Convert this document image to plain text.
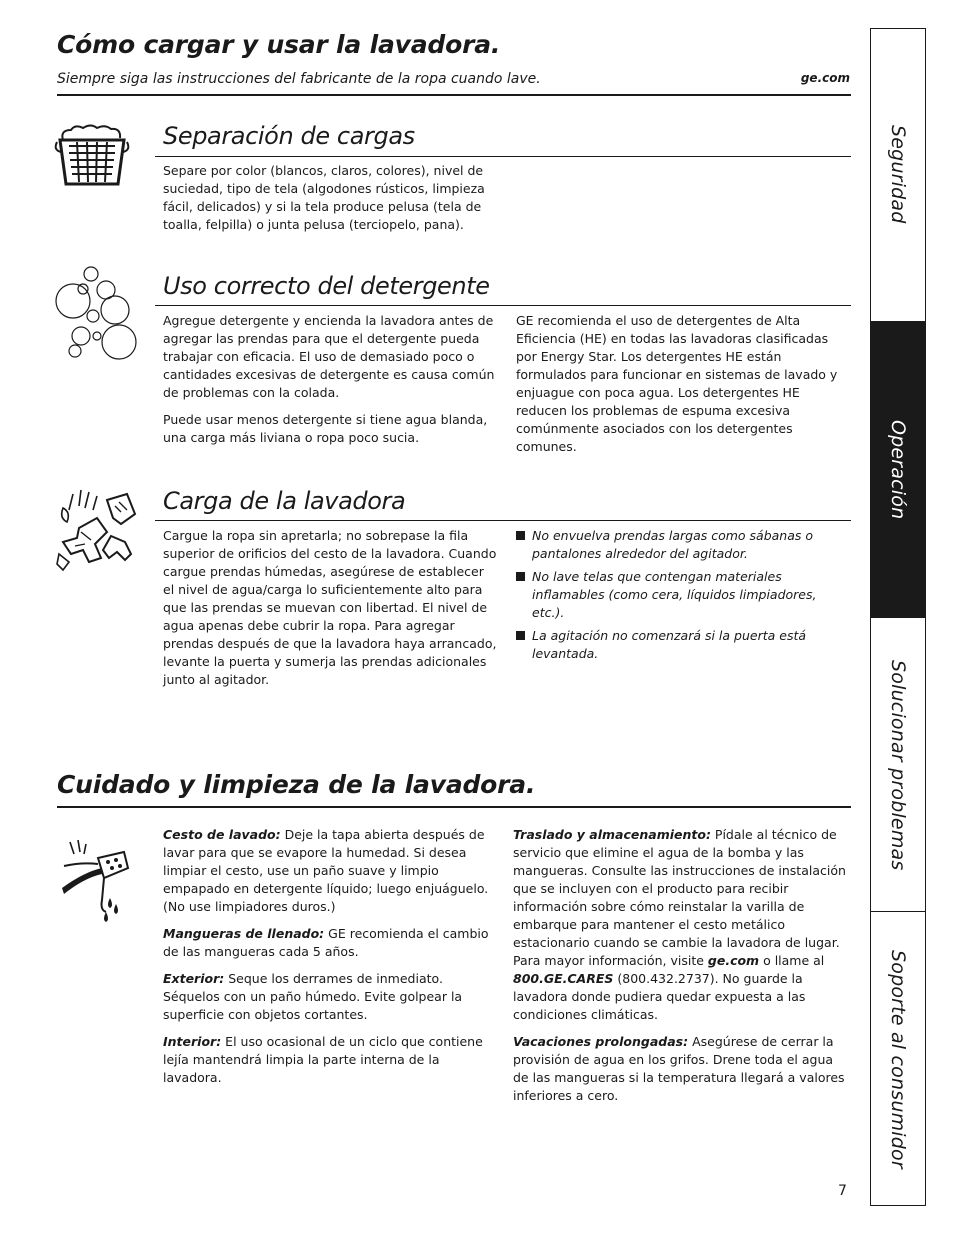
Cómo cargar y usar la lavadora.
Siempre siga las instrucciones del fabricante de la ropa cuando lave.	ge.com
Separación de cargas
Separe por color (blancos, claros, colores), nivel de suciedad, tipo de tela (algodones rústicos, limpieza fácil, delicados) y si la tela produce pelusa (tela de toalla, felpilla) o junta pelusa (terciopelo, pana).
Uso correcto del detergente

Agregue detergente y encienda la lavadora antes de agregar las prendas para que el detergente pueda trabajar con eficacia. El uso de demasiado poco o cantidades excesivas de detergente es causa común de problemas con la colada.

Puede usar menos detergente si tiene agua blanda, una carga más liviana o ropa poco sucia.

GE recomienda el uso de detergentes de Alta Eficiencia (HE) en todas las lavadoras clasificadas por Energy Star. Los detergentes HE están formulados para funcionar en sistemas de lavado y enjuague con poca agua. Los detergentes HE reducen los problemas de espuma excesiva comúnmente asociados con los detergentes comunes.

Carga de la lavadora
Cargue la ropa sin apretarla; no sobrepase la fila superior de orificios del cesto de la lavadora. Cuando cargue prendas húmedas, asegúrese de establecer el nivel de agua/carga lo suficientemente alto para que las prendas se muevan con libertad. El nivel de agua apenas debe cubrir la ropa. Para agregar prendas después de que la lavadora haya arrancado, levante la puerta y sumerja las prendas adicionales junto al agitador.
No envuelva prendas largas como sábanas o pantalones alrededor del agitador.
No lave telas que contengan materiales inflamables (como cera, líquidos limpiadores, etc.).
La agitación no comenzará si la puerta está levantada.
Cuidado y limpieza de la lavadora.

Cesto de lavado: Deje la tapa abierta después de lavar para que se evapore la humedad. Si desea limpiar el cesto, use un paño suave y limpio empapado en detergente líquido; luego enjuáguelo. (No use limpiadores duros.)

Mangueras de llenado: GE recomienda el cambio de las mangueras cada 5 años.

Exterior: Seque los derrames de inmediato. Séquelos con un paño húmedo. Evite golpear la superficie con objetos cortantes.

Interior: El uso ocasional de un ciclo que contiene lejía mantendrá limpia la parte interna de la lavadora.

Traslado y almacenamiento: Pídale al técnico de servicio que elimine el agua de la bomba y las mangueras. Consulte las instrucciones de instalación que se incluyen con el producto para recibir información sobre cómo reinstalar la varilla de embarque para mantener el cesto metálico estacionario cuando se cambie la lavadora de lugar. Para mayor información, visite ge.com o llame al 800.GE.CARES (800.432.2737). No guarde la lavadora donde pudiera quedar expuesta a las condiciones climáticas.

Vacaciones prolongadas: Asegúrese de cerrar la provisión de agua en los grifos. Drene toda el agua de las mangueras si la temperatura llegará a valores inferiores a cero.

7
Seguridad
Operación
Solucionar problemas
Soporte al consumidor
